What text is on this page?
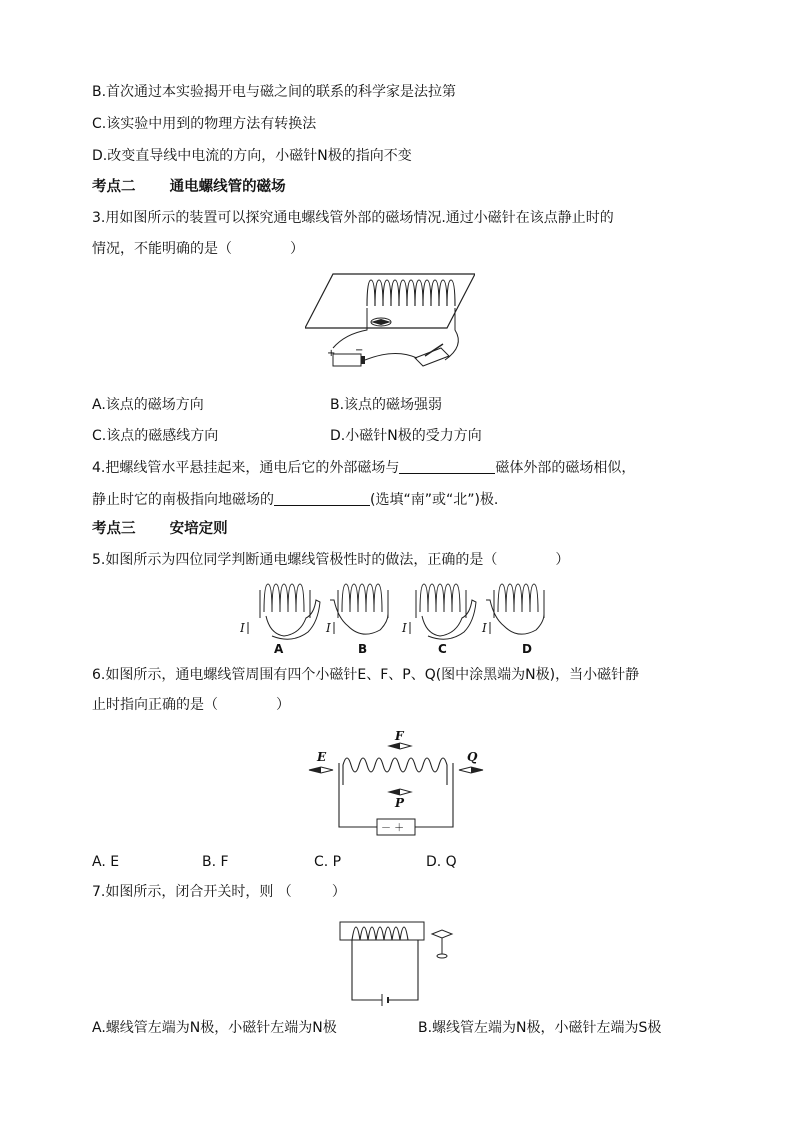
B.首次通过本实验揭开电与磁之间的联系的科学家是法拉第
C.该实验中用到的物理方法有转换法
D.改变直导线中电流的方向，小磁针N极的指向不变
考点二 通电螺线管的磁场
3.用如图所示的装置可以探究通电螺线管外部的磁场情况.通过小磁针在该点静止时的
情况，不能明确的是（	）
+ −
A.该点的磁场方向	B.该点的磁场强弱
C.该点的磁感线方向	D.小磁针N极的受力方向
4.把螺线管水平悬挂起来，通电后它的外部磁场与	磁体外部的磁场相似，
静止时它的南极指向地磁场的	(选填“南”或“北”)极.
考点三 安培定则
5.如图所示为四位同学判断通电螺线管极性时的做法，正确的是（	）
I	I	I	I
A	B	C	D
6.如图所示，通电螺线管周围有四个小磁针E、F、P、Q(图中涂黑端为N极)，当小磁针静
止时指向正确的是（	）
E
F
P
Q
－ ＋
A. E	B. F	C. P	D. Q
7.如图所示，闭合开关时，则 （	）
A.螺线管左端为N极，小磁针左端为N极	B.螺线管左端为N极，小磁针左端为S极
